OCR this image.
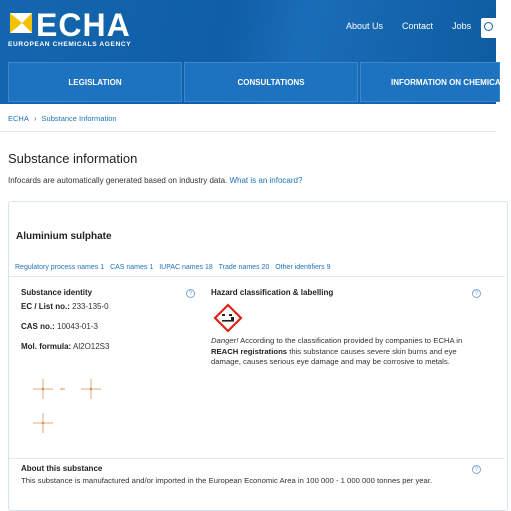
ECHA
EUROPEAN CHEMICALS AGENCY
About Us Contact Jobs
LEGISLATION	CONSULTATIONS	INFORMATION ON CHEMICALS
ECHA › Substance Information
Substance information
Infocards are automatically generated based on industry data. What is an infocard?
Aluminium sulphate
Regulatory process names 1 CAS names 1 IUPAC names 18 Trade names 20 Other identifiers 9
Substance identity	?
EC / List no.: 233-135-0
CAS no.: 10043-01-3
Mol. formula: Al2O12S3
Hazard classification & labelling	?
Danger! According to the classification provided by companies to ECHA in REACH registrations this substance causes severe skin burns and eye damage, causes serious eye damage and may be corrosive to metals.
About this substance	?
This substance is manufactured and/or imported in the European Economic Area in 100 000 - 1 000 000 tonnes per year.
